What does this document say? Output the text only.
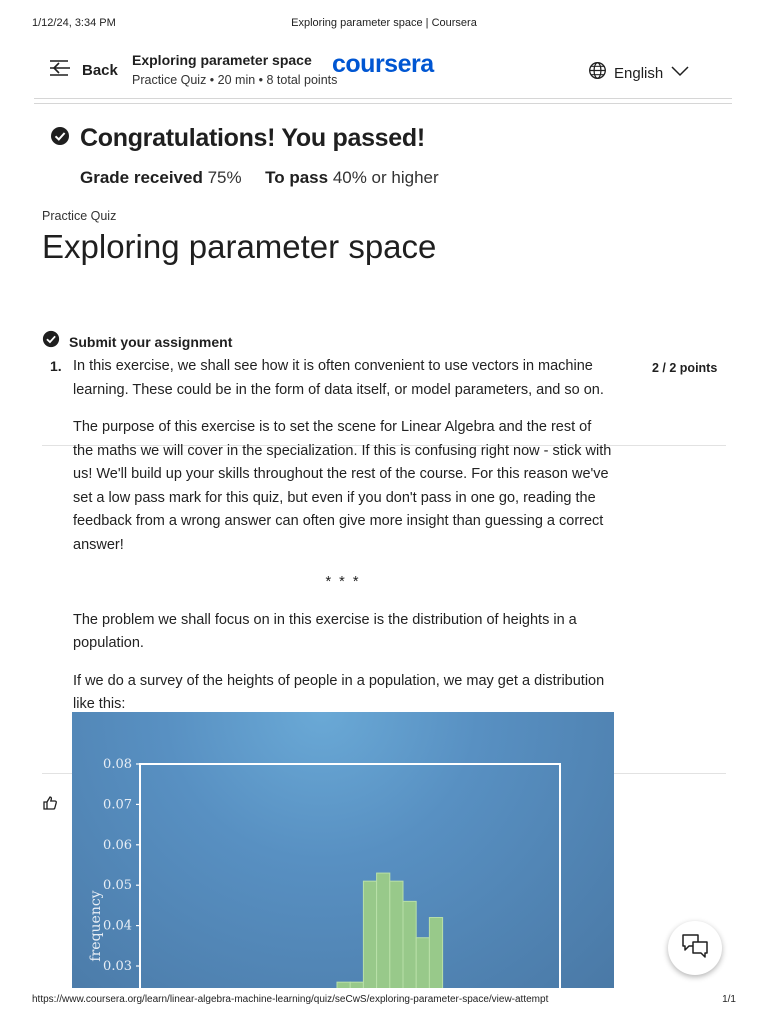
1/12/24, 3:34 PM	Exploring parameter space | Coursera
Back
Exploring parameter space
Practice Quiz • 20 min • 8 total points
coursera	English
Congratulations! You passed!
Grade received 75% To pass 40% or higher
Practice Quiz
Exploring parameter space
Submit your assignment
1.	2 / 2 points

In this exercise, we shall see how it is often convenient to use vectors in machine learning. These could be in the form of data itself, or model parameters, and so on.

The purpose of this exercise is to set the scene for Linear Algebra and the rest of the maths we will cover in the specialization. If this is confusing right now - stick with us! We'll build up your skills throughout the rest of the course. For this reason we've set a low pass mark for this quiz, but even if you don't pass in one go, reading the feedback from a wrong answer can often give more insight than guessing a correct answer!

* * *

The problem we shall focus on in this exercise is the distribution of heights in a population.

If we do a survey of the heights of people in a population, we may get a distribution like this:

0.08
0.07
0.06
0.05
0.04
0.03
frequency
https://www.coursera.org/learn/linear-algebra-machine-learning/quiz/seCwS/exploring-parameter-space/view-attempt	1/1
